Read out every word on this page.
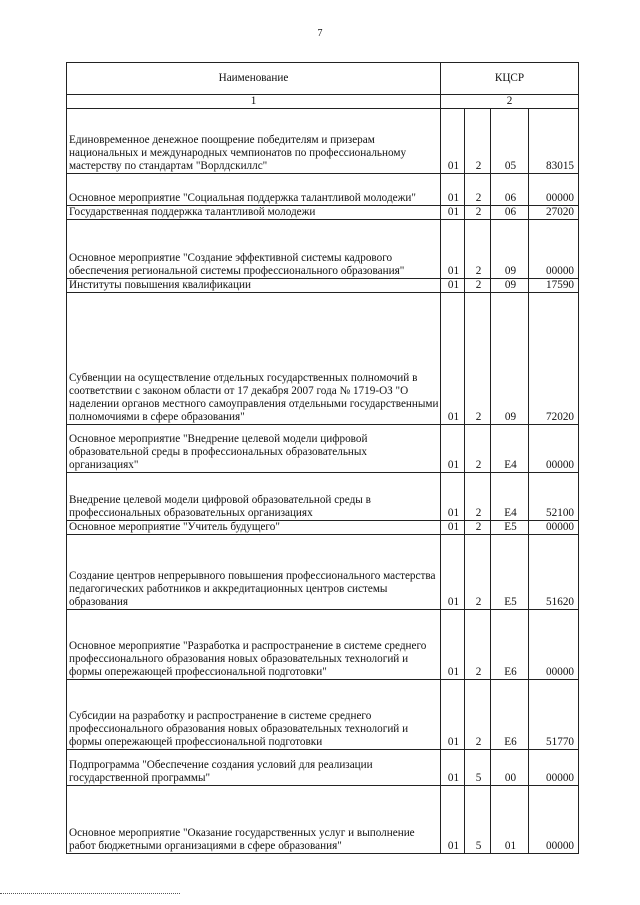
7
Наименование	КЦСР			
1	2			
Единовременное денежное поощрение победителям и призерам национальных и международных чемпионатов по профессиональному мастерству по стандартам "Ворлдскиллс"	01	2	05	83015
Основное мероприятие "Социальная поддержка талантливой молодежи"	01	2	06	00000
Государственная поддержка талантливой молодежи	01	2	06	27020
Основное мероприятие "Создание эффективной системы кадрового обеспечения региональной системы профессионального образования"	01	2	09	00000
Институты повышения квалификации	01	2	09	17590
Субвенции на осуществление отдельных государственных полномочий в соответствии с законом области от 17 декабря 2007 года № 1719-ОЗ "О наделении органов местного самоуправления отдельными государственными полномочиями в сфере образования"	01	2	09	72020
Основное мероприятие "Внедрение целевой модели цифровой образовательной среды в профессиональных образовательных организациях"	01	2	E4	00000
Внедрение целевой модели цифровой образовательной среды в профессиональных образовательных организациях	01	2	E4	52100
Основное мероприятие "Учитель будущего"	01	2	E5	00000
Создание центров непрерывного повышения профессионального мастерства педагогических работников и аккредитационных центров системы образования	01	2	E5	51620
Основное мероприятие "Разработка и распространение в системе среднего профессионального образования новых образовательных технологий и формы опережающей профессиональной подготовки"	01	2	E6	00000
Субсидии на разработку и распространение в системе среднего профессионального образования новых образовательных технологий и формы опережающей профессиональной подготовки	01	2	E6	51770
Подпрограмма "Обеспечение создания условий для реализации государственной программы"	01	5	00	00000
Основное мероприятие "Оказание государственных услуг и выполнение работ бюджетными организациями в сфере образования"	01	5	01	00000
